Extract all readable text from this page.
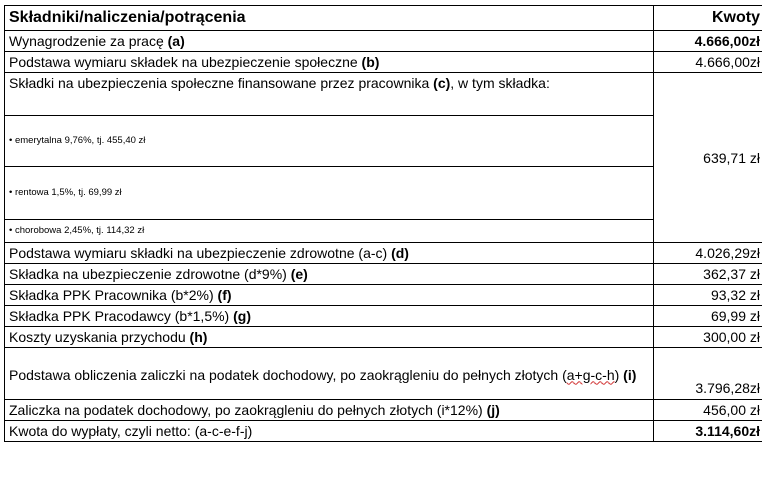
Składniki/naliczenia/potrącenia	Kwoty
Wynagrodzenie za pracę (a)	4.666,00zł
Podstawa wymiaru składek na ubezpieczenie społeczne (b)	4.666,00zł
Składki na ubezpieczenia społeczne finansowane przez pracownika (c), w tym składka:	639,71 zł
• emerytalna 9,76%, tj. 455,40 zł	
• rentowa 1,5%, tj. 69,99 zł	
• chorobowa 2,45%, tj. 114,32 zł	
Podstawa wymiaru składki na ubezpieczenie zdrowotne (a-c) (d)	4.026,29zł
Składka na ubezpieczenie zdrowotne (d*9%) (e)	362,37 zł
Składka PPK Pracownika (b*2%) (f)	93,32 zł
Składka PPK Pracodawcy (b*1,5%) (g)	69,99 zł
Koszty uzyskania przychodu (h)	300,00 zł
Podstawa obliczenia zaliczki na podatek dochodowy, po zaokrągleniu do pełnych złotych (a+g-c-h) (i)	3.796,28zł
Zaliczka na podatek dochodowy, po zaokrągleniu do pełnych złotych (i*12%) (j)	456,00 zł
Kwota do wypłaty, czyli netto: (a-c-e-f-j)	3.114,60zł
